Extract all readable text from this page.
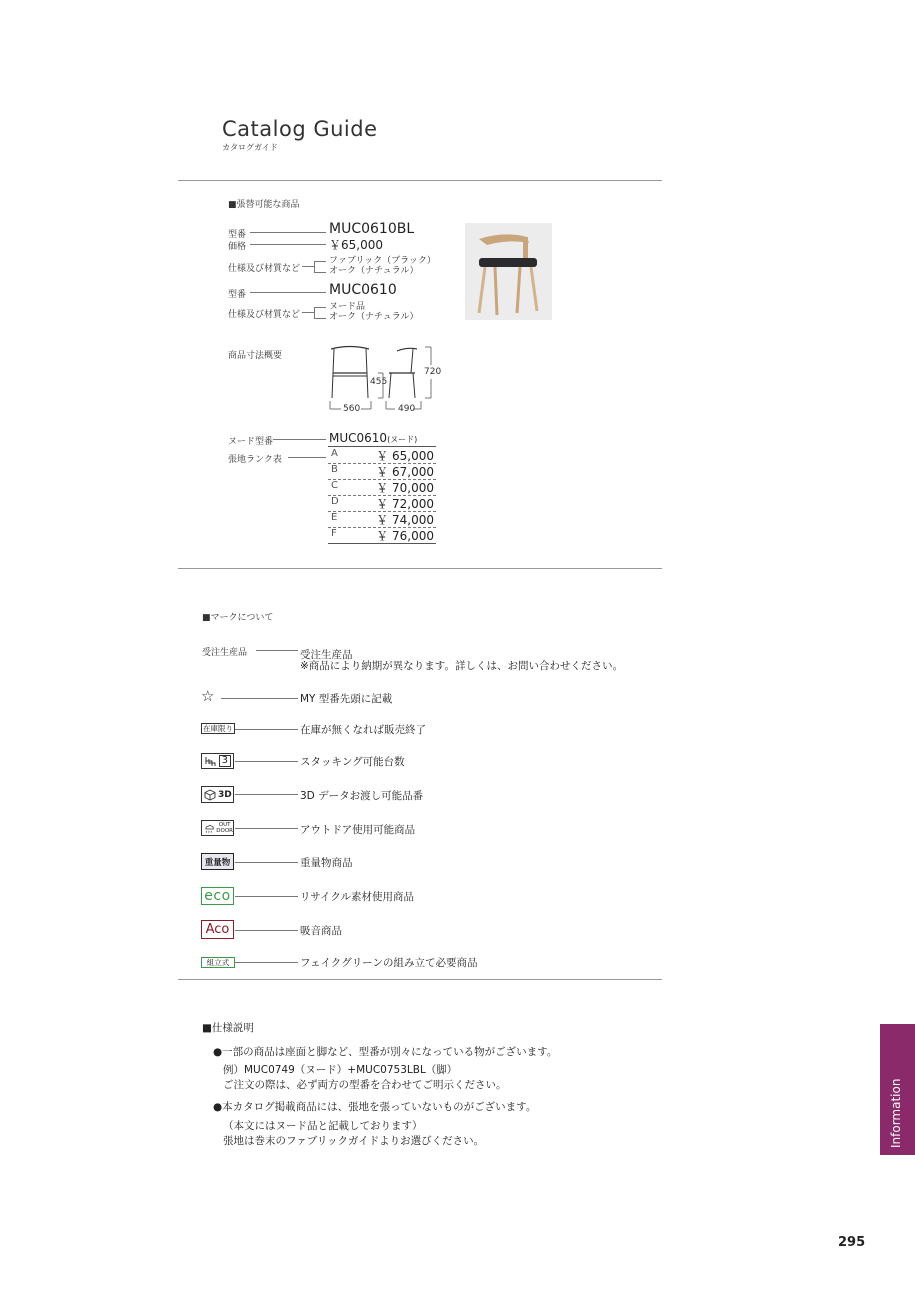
Catalog Guide
カタログガイド
■張替可能な商品
型番	MUC0610BL
価格	￥65,000
仕様及び材質など
ファブリック（ブラック）
オーク（ナチュラル）
型番	MUC0610
仕様及び材質など
ヌード品
オーク（ナチュラル）
商品寸法概要
560	490
455
720
ヌード型番	MUC0610(ヌード)
張地ランク表
A	￥ 65,000
B	￥ 67,000
C	￥ 70,000
D	￥ 72,000
E	￥ 74,000
F	￥ 76,000
■マークについて
受注生産品	受注生産品
※商品により納期が異なります。詳しくは、お問い合わせください。
☆	MY 型番先頭に記載
在庫限り	在庫が無くなれば販売終了
3	スタッキング可能台数
3D	3D データお渡し可能品番
OUT
DOOR	アウトドア使用可能商品
重量物	重量物商品
eco	リサイクル素材使用商品
Aco	吸音商品
組立式	フェイクグリーンの組み立て必要商品
■仕様説明
●一部の商品は座面と脚など、型番が別々になっている物がございます。
例）MUC0749（ヌード）+MUC0753LBL（脚）
ご注文の際は、必ず両方の型番を合わせてご明示ください。
●本カタログ掲載商品には、張地を張っていないものがございます。
（本文にはヌード品と記載しております）
張地は巻末のファブリックガイドよりお選びください。	Information
295
